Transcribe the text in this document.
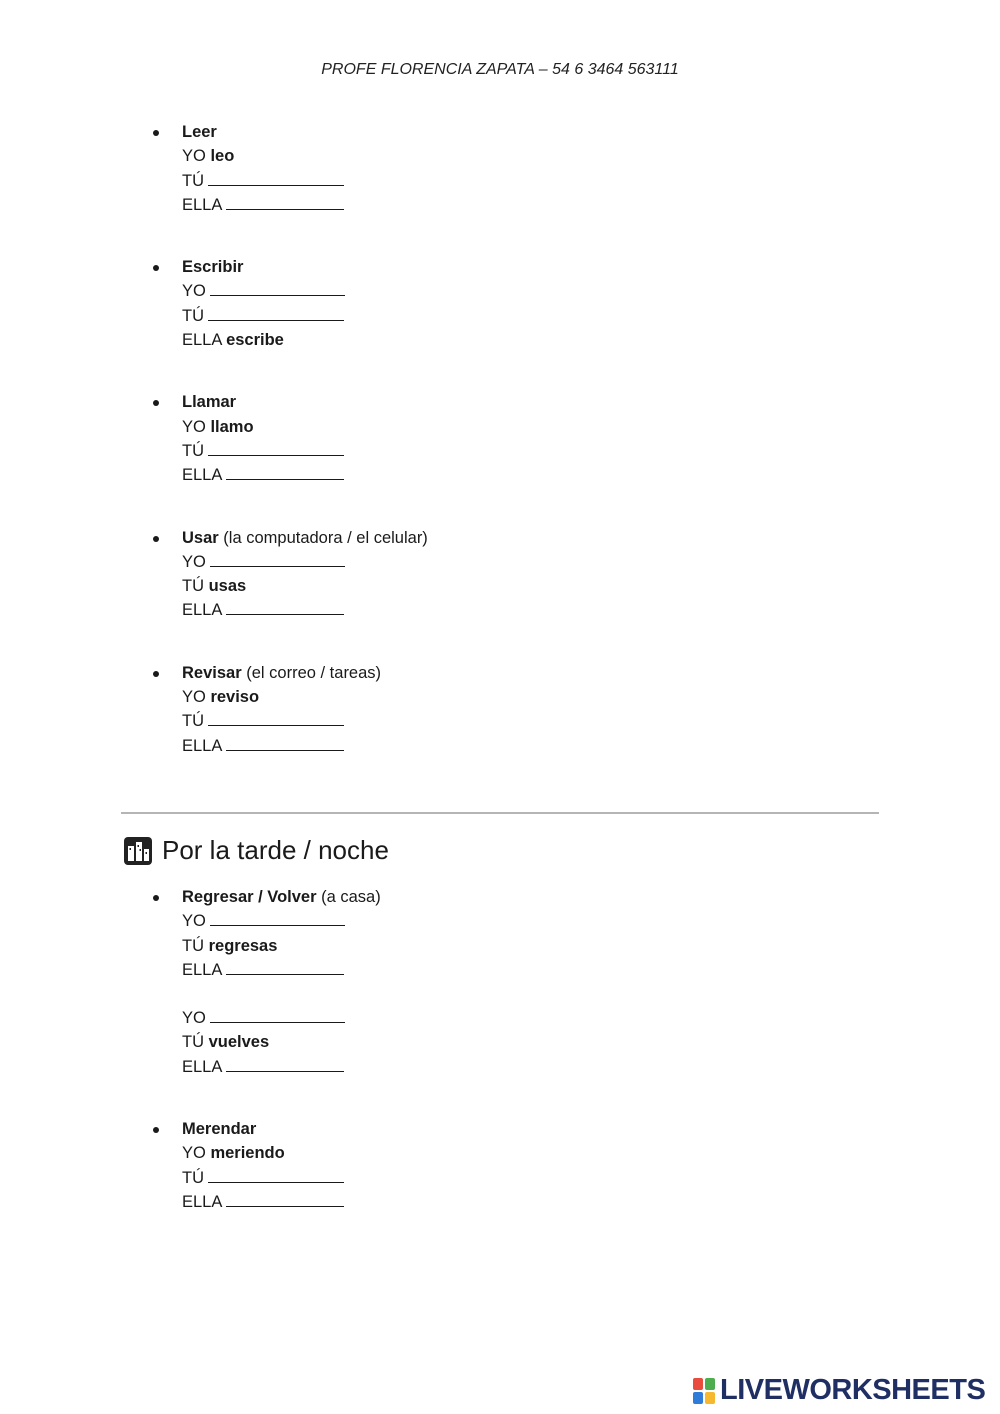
PROFE FLORENCIA ZAPATA – 54 6 3464 563111
Leer
YO leo
TÚ
ELLA
Escribir
YO
TÚ
ELLA escribe
Llamar
YO llamo
TÚ
ELLA
Usar (la computadora / el celular)
YO
TÚ usas
ELLA
Revisar (el correo / tareas)
YO reviso
TÚ
ELLA
Por la tarde / noche
Regresar / Volver (a casa)
YO
TÚ regresas
ELLA
YO
TÚ vuelves
ELLA
Merendar
YO meriendo
TÚ
ELLA
LIVEWORKSHEETS
